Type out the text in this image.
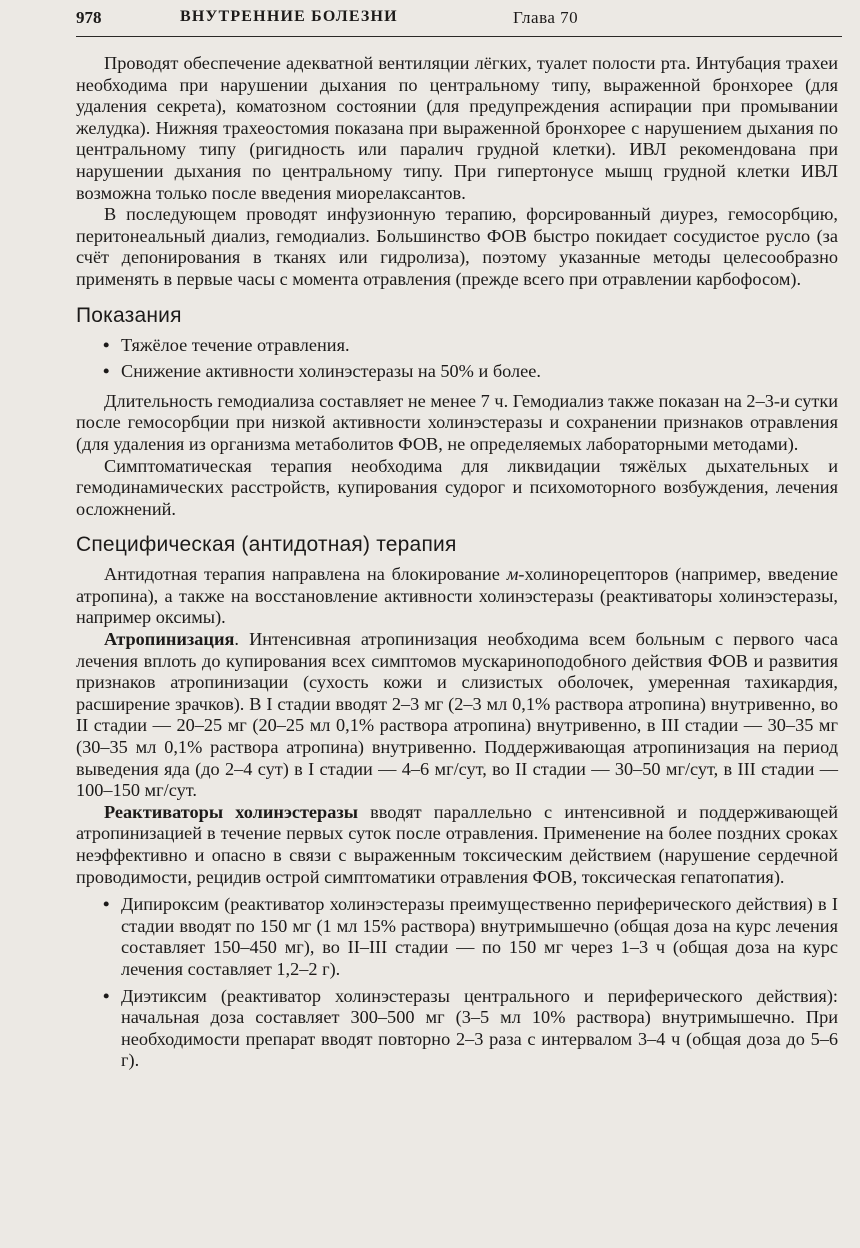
978	ВНУТРЕННИЕ БОЛЕЗНИ	Глава 70

Проводят обеспечение адекватной вентиляции лёгких, туалет полости рта. Интубация трахеи необходима при нарушении дыхания по центральному типу, выраженной бронхорее (для удаления секрета), коматозном состоянии (для предупреждения аспирации при промывании желудка). Нижняя трахеостомия показана при выраженной бронхорее с нарушением дыхания по центральному типу (ригидность или паралич грудной клетки). ИВЛ рекомендована при нарушении дыхания по центральному типу. При гипертонусе мышц грудной клетки ИВЛ возможна только после введения миорелаксантов.

В последующем проводят инфузионную терапию, форсированный диурез, гемосорбцию, перитонеальный диализ, гемодиализ. Большинство ФОВ быстро покидает сосудистое русло (за счёт депонирования в тканях или гидролиза), поэтому указанные методы целесообразно применять в первые часы с момента отравления (прежде всего при отравлении карбофосом).

Показания
• Тяжёлое течение отравления.
• Снижение активности холинэстеразы на 50% и более.

Длительность гемодиализа составляет не менее 7 ч. Гемодиализ также показан на 2–3-и сутки после гемосорбции при низкой активности холинэстеразы и сохранении признаков отравления (для удаления из организма метаболитов ФОВ, не определяемых лабораторными методами).

Симптоматическая терапия необходима для ликвидации тяжёлых дыхательных и гемодинамических расстройств, купирования судорог и психомоторного возбуждения, лечения осложнений.

Специфическая (антидотная) терапия

Антидотная терапия направлена на блокирование м-холинорецепторов (например, введение атропина), а также на восстановление активности холинэстеразы (реактиваторы холинэстеразы, например оксимы).

Атропинизация. Интенсивная атропинизация необходима всем больным с первого часа лечения вплоть до купирования всех симптомов мускариноподобного действия ФОВ и развития признаков атропинизации (сухость кожи и слизистых оболочек, умеренная тахикардия, расширение зрачков). В I стадии вводят 2–3 мг (2–3 мл 0,1% раствора атропина) внутривенно, во II стадии — 20–25 мг (20–25 мл 0,1% раствора атропина) внутривенно, в III стадии — 30–35 мг (30–35 мл 0,1% раствора атропина) внутривенно. Поддерживающая атропинизация на период выведения яда (до 2–4 сут) в I стадии — 4–6 мг/сут, во II стадии — 30–50 мг/сут, в III стадии — 100–150 мг/сут.

Реактиваторы холинэстеразы вводят параллельно с интенсивной и поддерживающей атропинизацией в течение первых суток после отравления. Применение на более поздних сроках неэффективно и опасно в связи с выраженным токсическим действием (нарушение сердечной проводимости, рецидив острой симптоматики отравления ФОВ, токсическая гепатопатия).

• Дипироксим (реактиватор холинэстеразы преимущественно периферического действия) в I стадии вводят по 150 мг (1 мл 15% раствора) внутримышечно (общая доза на курс лечения составляет 150–450 мг), во II–III стадии — по 150 мг через 1–3 ч (общая доза на курс лечения составляет 1,2–2 г).
• Диэтиксим (реактиватор холинэстеразы центрального и периферического действия): начальная доза составляет 300–500 мг (3–5 мл 10% раствора) внутримышечно. При необходимости препарат вводят повторно 2–3 раза с интервалом 3–4 ч (общая доза до 5–6 г).
